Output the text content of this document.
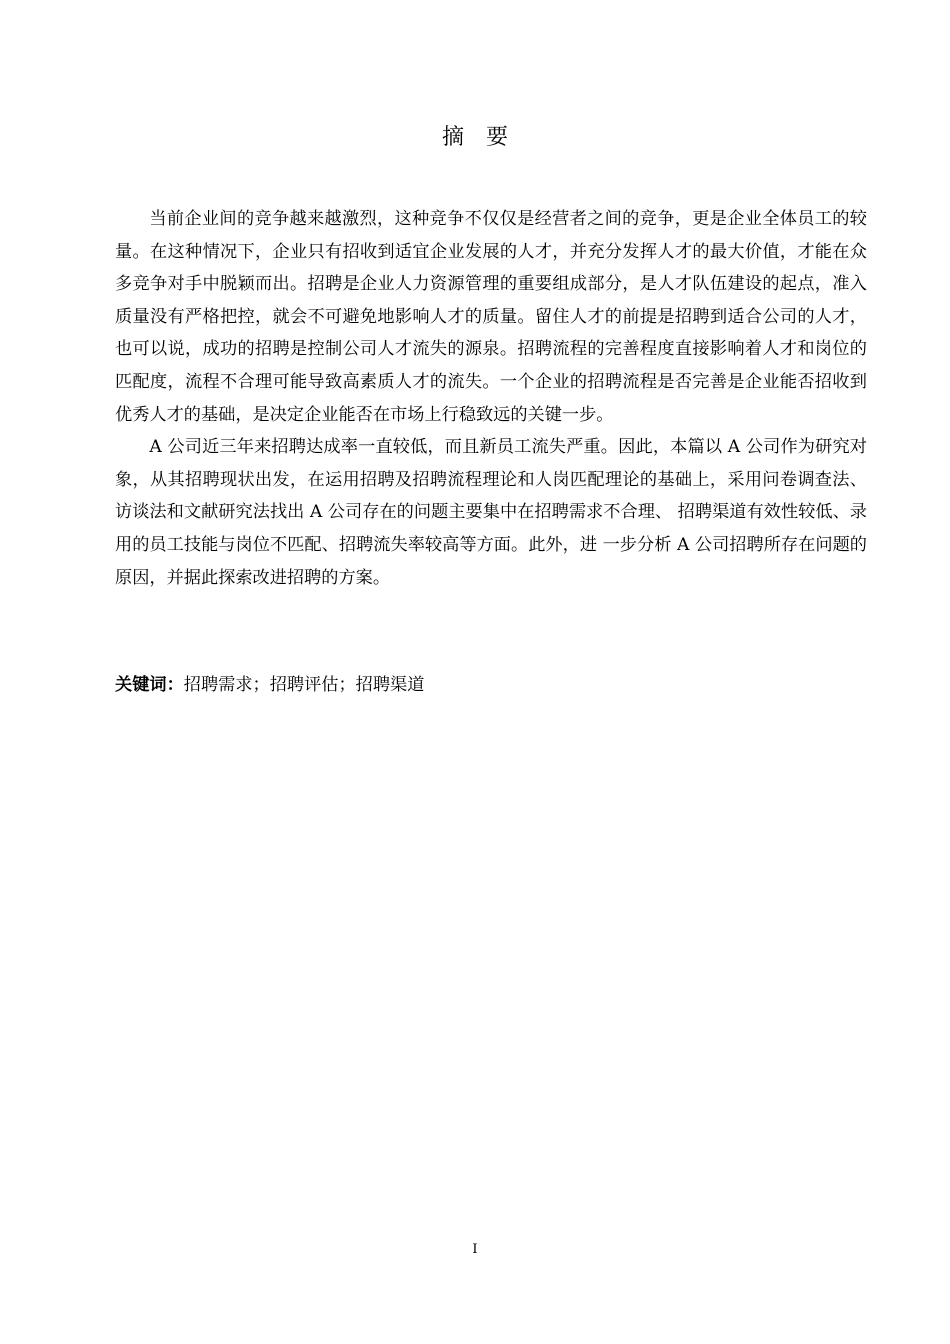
摘要

当前企业间的竞争越来越激烈，这种竞争不仅仅是经营者之间的竞争，更是企业全体员工的较量。在这种情况下，企业只有招收到适宜企业发展的人才，并充分发挥人才的最大价值，才能在众多竞争对手中脱颖而出。招聘是企业人力资源管理的重要组成部分，是人才队伍建设的起点，准入质量没有严格把控，就会不可避免地影响人才的质量。留住人才的前提是招聘到适合公司的人才，也可以说，成功的招聘是控制公司人才流失的源泉。招聘流程的完善程度直接影响着人才和岗位的匹配度，流程不合理可能导致高素质人才的流失。一个企业的招聘流程是否完善是企业能否招收到优秀人才的基础，是决定企业能否在市场上行稳致远的关键一步。

A 公司近三年来招聘达成率一直较低，而且新员工流失严重。因此，本篇以 A 公司作为研究对象，从其招聘现状出发，在运用招聘及招聘流程理论和人岗匹配理论的基础上，采用问卷调查法、访谈法和文献研究法找出 A 公司存在的问题主要集中在招聘需求不合理、 招聘渠道有效性较低、录用的员工技能与岗位不匹配、招聘流失率较高等方面。此外，进 一步分析 A 公司招聘所存在问题的原因，并据此探索改进招聘的方案。

关键词：招聘需求；招聘评估；招聘渠道
I
